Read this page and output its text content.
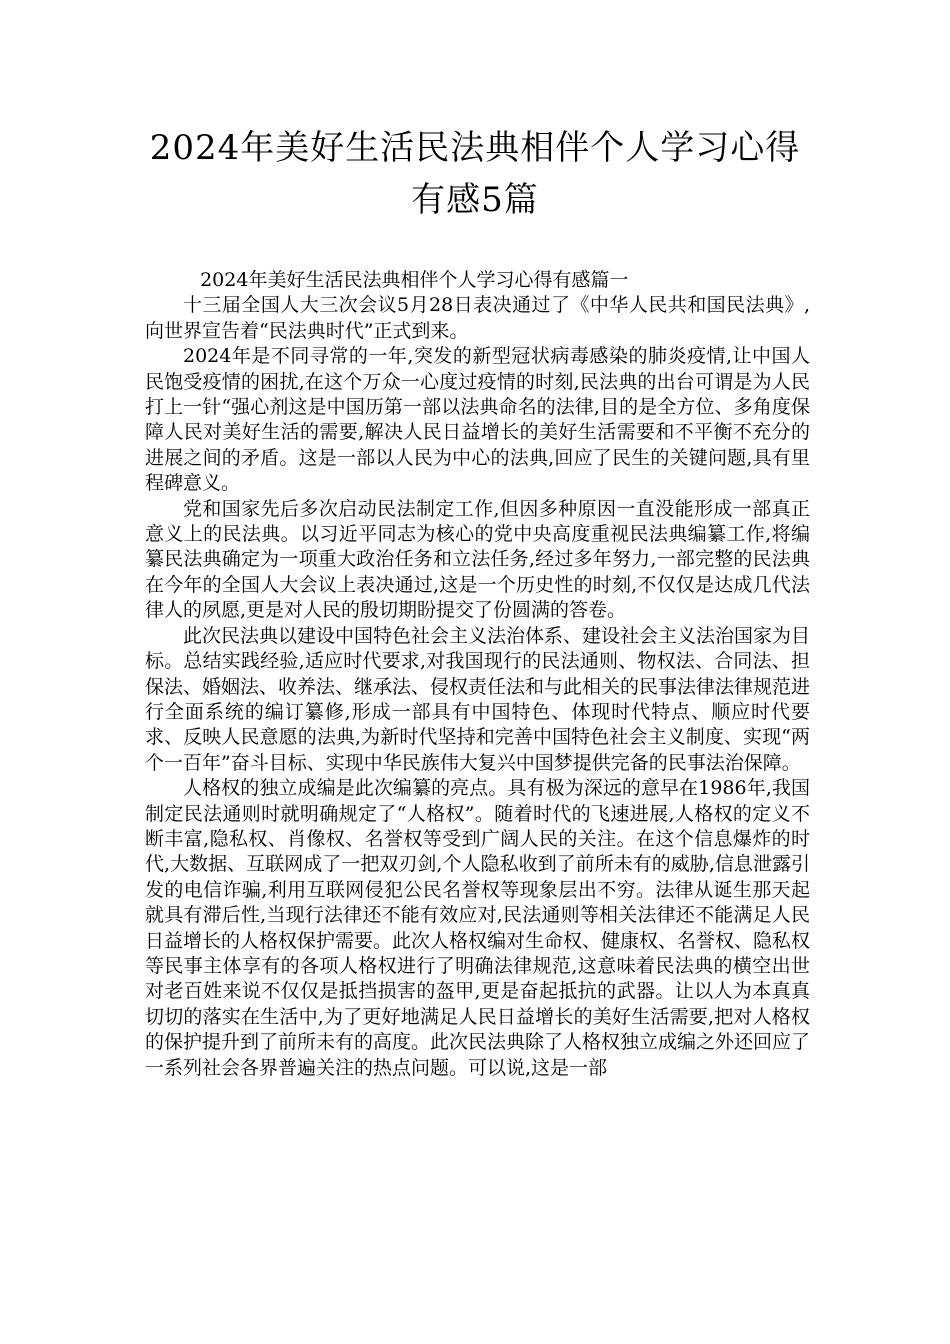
2024年美好生活民法典相伴个人学习心得
有感5篇
2024年美好生活民法典相伴个人学习心得有感篇一

十三届全国人大三次会议5月28日表决通过了《中华人民共和国民法典》,向世界宣告着“民法典时代”正式到来。

2024年是不同寻常的一年,突发的新型冠状病毒感染的肺炎疫情,让中国人民饱受疫情的困扰,在这个万众一心度过疫情的时刻,民法典的出台可谓是为人民打上一针“强心剂这是中国历第一部以法典命名的法律,目的是全方位、多角度保障人民对美好生活的需要,解决人民日益增长的美好生活需要和不平衡不充分的进展之间的矛盾。这是一部以人民为中心的法典,回应了民生的关键问题,具有里程碑意义。

党和国家先后多次启动民法制定工作,但因多种原因一直没能形成一部真正意义上的民法典。以习近平同志为核心的党中央高度重视民法典编纂工作,将编纂民法典确定为一项重大政治任务和立法任务,经过多年努力,一部完整的民法典在今年的全国人大会议上表决通过,这是一个历史性的时刻,不仅仅是达成几代法律人的夙愿,更是对人民的殷切期盼提交了份圆满的答卷。

此次民法典以建设中国特色社会主义法治体系、建设社会主义法治国家为目标。总结实践经验,适应时代要求,对我国现行的民法通则、物权法、合同法、担保法、婚姻法、收养法、继承法、侵权责任法和与此相关的民事法律法律规范进行全面系统的编订纂修,形成一部具有中国特色、体现时代特点、顺应时代要求、反映人民意愿的法典,为新时代坚持和完善中国特色社会主义制度、实现“两个一百年”奋斗目标、实现中华民族伟大复兴中国梦提供完备的民事法治保障。

人格权的独立成编是此次编纂的亮点。具有极为深远的意早在1986年,我国制定民法通则时就明确规定了“人格权”。随着时代的飞速进展,人格权的定义不断丰富,隐私权、肖像权、名誉权等受到广阔人民的关注。在这个信息爆炸的时代,大数据、互联网成了一把双刃剑,个人隐私收到了前所未有的威胁,信息泄露引发的电信诈骗,利用互联网侵犯公民名誉权等现象层出不穷。法律从诞生那天起就具有滞后性,当现行法律还不能有效应对,民法通则等相关法律还不能满足人民日益增长的人格权保护需要。此次人格权编对生命权、健康权、名誉权、隐私权等民事主体享有的各项人格权进行了明确法律规范,这意味着民法典的横空出世对老百姓来说不仅仅是抵挡损害的盔甲,更是奋起抵抗的武器。让以人为本真真切切的落实在生活中,为了更好地满足人民日益增长的美好生活需要,把对人格权的保护提升到了前所未有的高度。此次民法典除了人格权独立成编之外还回应了一系列社会各界普遍关注的热点问题。可以说,这是一部
